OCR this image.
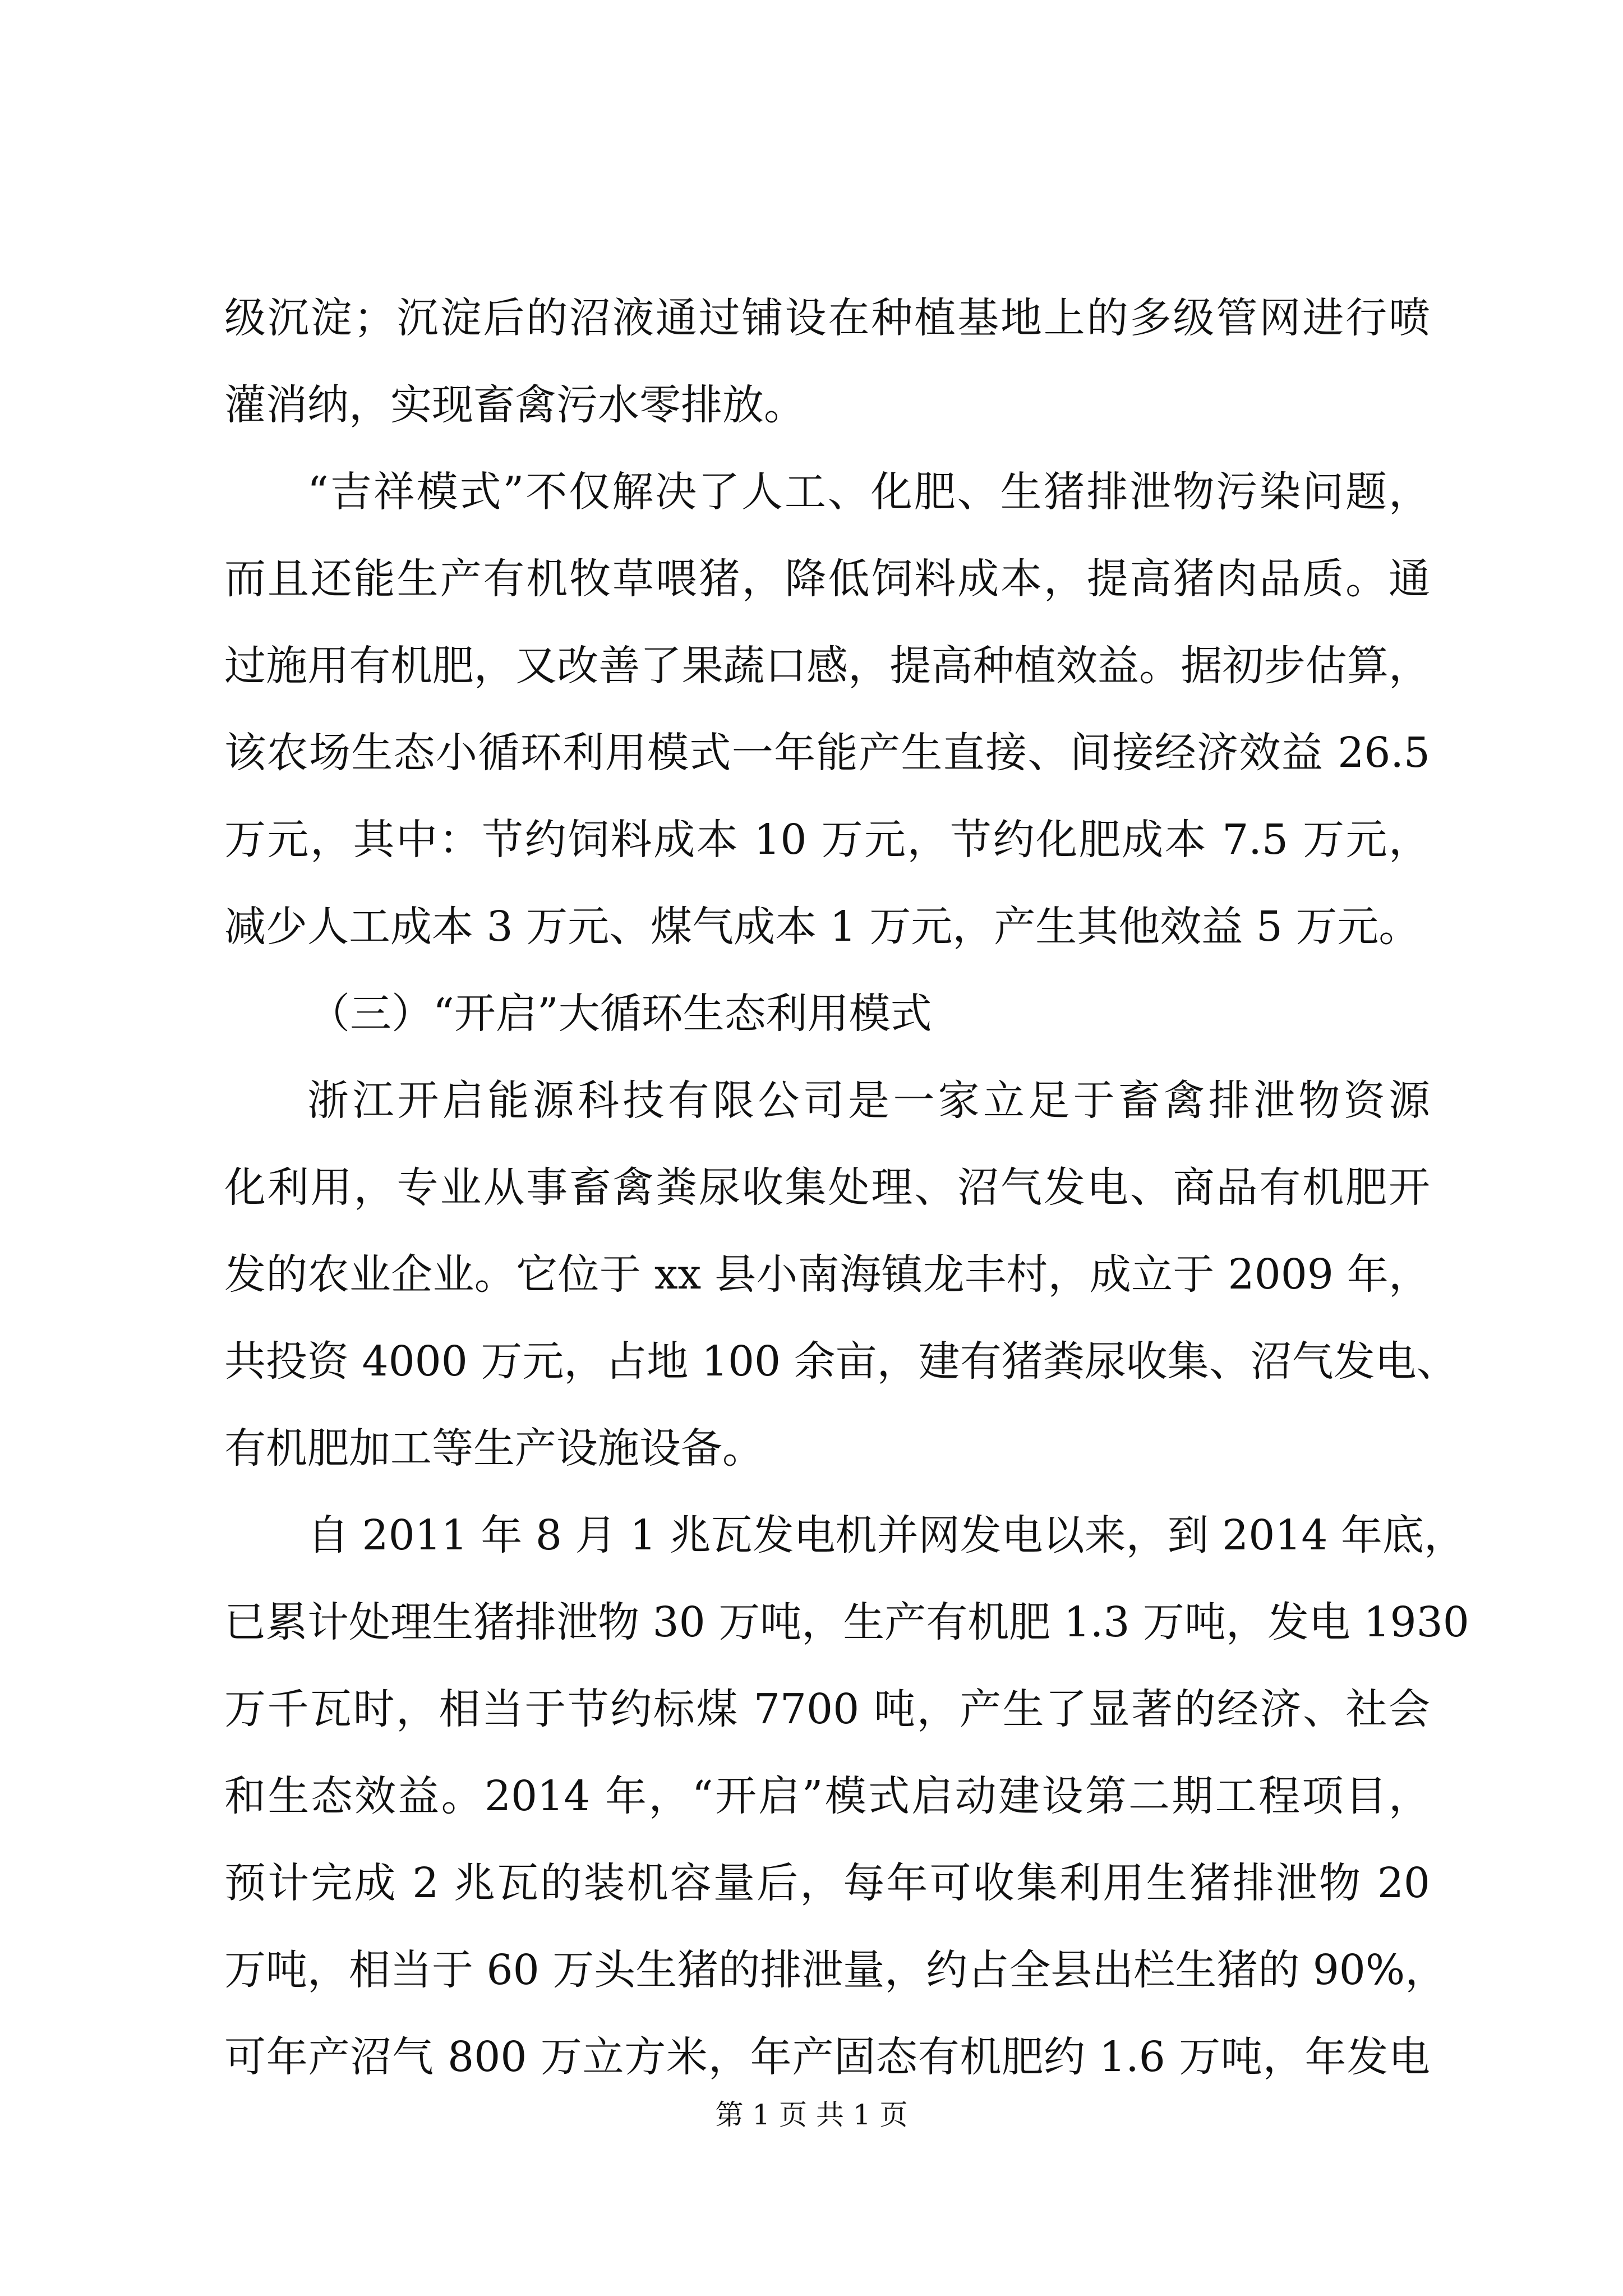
级沉淀；沉淀后的沼液通过铺设在种植基地上的多级管网进行喷
灌消纳，实现畜禽污水零排放。
“吉祥模式”不仅解决了人工、化肥、生猪排泄物污染问题，
而且还能生产有机牧草喂猪，降低饲料成本，提高猪肉品质。通
过施用有机肥，又改善了果蔬口感，提高种植效益。据初步估算，
该农场生态小循环利用模式一年能产生直接、间接经济效益 26.5
万元，其中：节约饲料成本 10 万元，节约化肥成本 7.5 万元，
减少人工成本 3 万元、煤气成本 1 万元，产生其他效益 5 万元。
（三）“开启”大循环生态利用模式
浙江开启能源科技有限公司是一家立足于畜禽排泄物资源
化利用，专业从事畜禽粪尿收集处理、沼气发电、商品有机肥开
发的农业企业。它位于 xx 县小南海镇龙丰村，成立于 2009 年，
共投资 4000 万元，占地 100 余亩，建有猪粪尿收集、沼气发电、
有机肥加工等生产设施设备。
自 2011 年 8 月 1 兆瓦发电机并网发电以来，到 2014 年底，
已累计处理生猪排泄物 30 万吨，生产有机肥 1.3 万吨，发电 1930
万千瓦时，相当于节约标煤 7700 吨，产生了显著的经济、社会
和生态效益。2014 年，“开启”模式启动建设第二期工程项目，
预计完成 2 兆瓦的装机容量后，每年可收集利用生猪排泄物 20
万吨，相当于 60 万头生猪的排泄量，约占全县出栏生猪的 90%，
可年产沼气 800 万立方米，年产固态有机肥约 1.6 万吨，年发电
第 1 页 共 1 页
